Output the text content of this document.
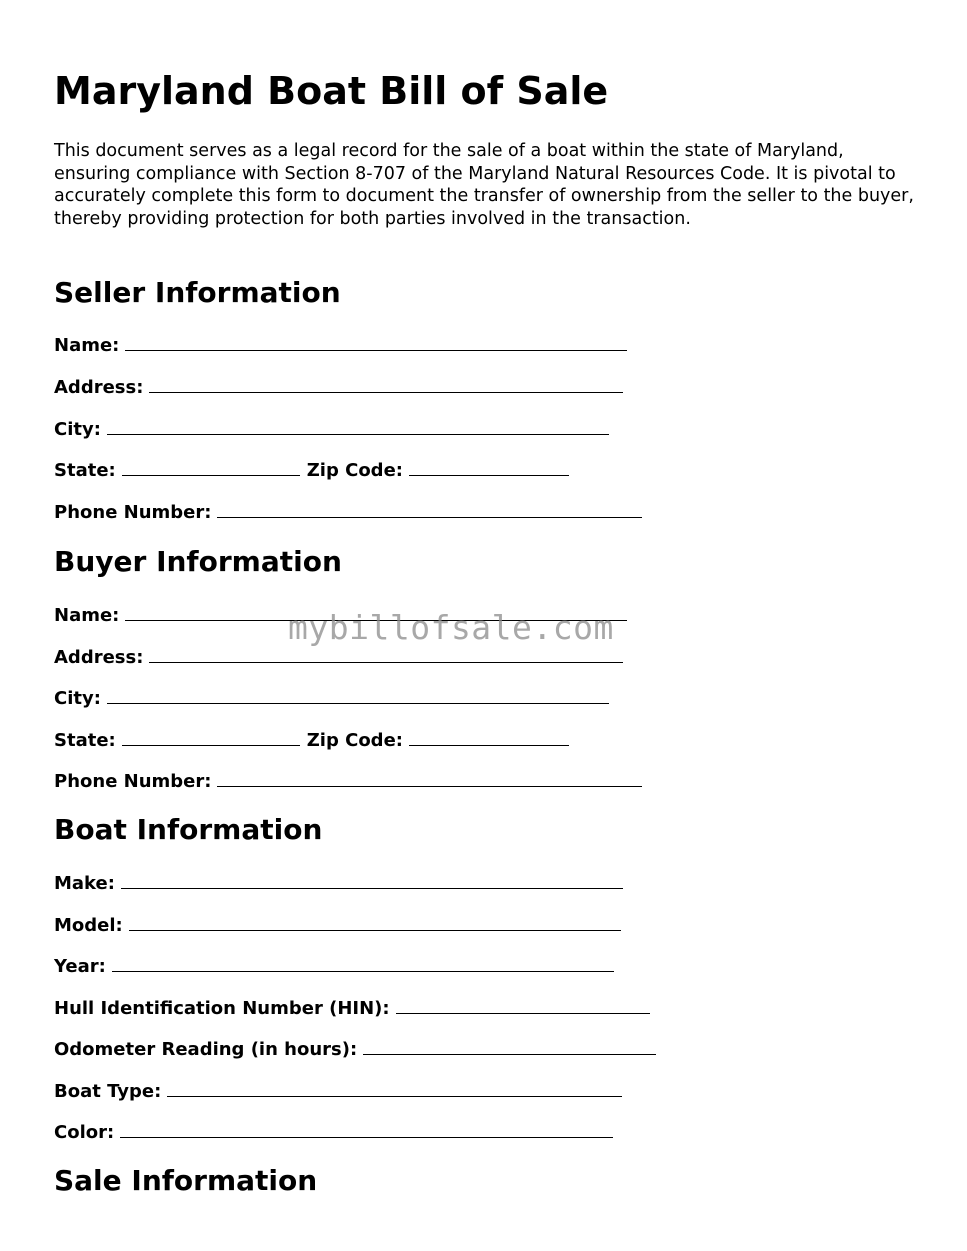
Maryland Boat Bill of Sale

This document serves as a legal record for the sale of a boat within the state of Maryland, ensuring compliance with Section 8-707 of the Maryland Natural Resources Code. It is pivotal to accurately complete this form to document the transfer of ownership from the seller to the buyer, thereby providing protection for both parties involved in the transaction.

Seller Information
Name:
Address:
City:
State:	Zip Code:
Phone Number:
Buyer Information
Name:
Address:
City:
State:	Zip Code:
Phone Number:
Boat Information
Make:
Model:
Year:
Hull Identification Number (HIN):
Odometer Reading (in hours):
Boat Type:
Color:
Sale Information
mybillofsale.com
